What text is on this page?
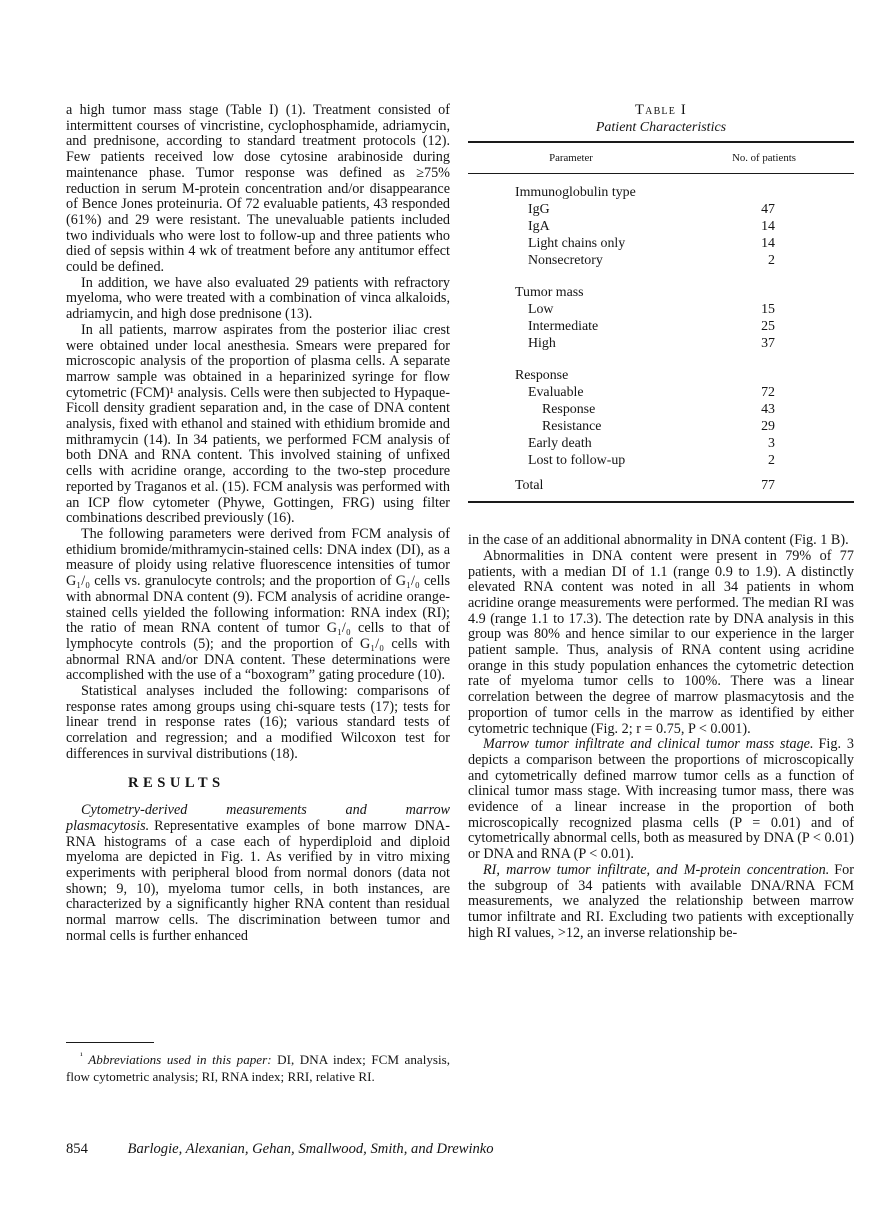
a high tumor mass stage (Table I) (1). Treatment consisted of intermittent courses of vincristine, cyclophosphamide, adriamycin, and prednisone, according to standard treatment protocols (12). Few patients received low dose cytosine arabinoside during maintenance phase. Tumor response was defined as ≥75% reduction in serum M-protein concentration and/or disappearance of Bence Jones proteinuria. Of 72 evaluable patients, 43 responded (61%) and 29 were resistant. The unevaluable patients included two individuals who were lost to follow-up and three patients who died of sepsis within 4 wk of treatment before any antitumor effect could be defined.

In addition, we have also evaluated 29 patients with refractory myeloma, who were treated with a combination of vinca alkaloids, adriamycin, and high dose prednisone (13).

In all patients, marrow aspirates from the posterior iliac crest were obtained under local anesthesia. Smears were prepared for microscopic analysis of the proportion of plasma cells. A separate marrow sample was obtained in a heparinized syringe for flow cytometric (FCM)¹ analysis. Cells were then subjected to Hypaque-Ficoll density gradient separation and, in the case of DNA content analysis, fixed with ethanol and stained with ethidium bromide and mithramycin (14). In 34 patients, we performed FCM analysis of both DNA and RNA content. This involved staining of unfixed cells with acridine orange, according to the two-step procedure reported by Traganos et al. (15). FCM analysis was performed with an ICP flow cytometer (Phywe, Gottingen, FRG) using filter combinations described previously (16).

The following parameters were derived from FCM analysis of ethidium bromide/mithramycin-stained cells: DNA index (DI), as a measure of ploidy using relative fluorescence intensities of tumor G₁/₀ cells vs. granulocyte controls; and the proportion of G₁/₀ cells with abnormal DNA content (9). FCM analysis of acridine orange-stained cells yielded the following information: RNA index (RI); the ratio of mean RNA content of tumor G₁/₀ cells to that of lymphocyte controls (5); and the proportion of G₁/₀ cells with abnormal RNA and/or DNA content. These determinations were accomplished with the use of a “boxogram” gating procedure (10).

Statistical analyses included the following: comparisons of response rates among groups using chi-square tests (17); tests for linear trend in response rates (16); various standard tests of correlation and regression; and a modified Wilcoxon test for differences in survival distributions (18).

RESULTS

Cytometry-derived measurements and marrow plasmacytosis. Representative examples of bone marrow DNA-RNA histograms of a case each of hyperdiploid and diploid myeloma are depicted in Fig. 1. As verified by in vitro mixing experiments with peripheral blood from normal donors (data not shown; 9, 10), myeloma tumor cells, in both instances, are characterized by a significantly higher RNA content than residual normal marrow cells. The discrimination between tumor and normal cells is further enhanced

Table I

Patient Characteristics

Parameter	No. of patients
Immunoglobulin type
IgG	47
IgA	14
Light chains only	14
Nonsecretory	2
Tumor mass
Low	15
Intermediate	25
High	37
Response
Evaluable	72
Response	43
Resistance	29
Early death	3
Lost to follow-up	2
Total	77

in the case of an additional abnormality in DNA content (Fig. 1 B).

Abnormalities in DNA content were present in 79% of 77 patients, with a median DI of 1.1 (range 0.9 to 1.9). A distinctly elevated RNA content was noted in all 34 patients in whom acridine orange measurements were performed. The median RI was 4.9 (range 1.1 to 17.3). The detection rate by DNA analysis in this group was 80% and hence similar to our experience in the larger patient sample. Thus, analysis of RNA content using acridine orange in this study population enhances the cytometric detection rate of myeloma tumor cells to 100%. There was a linear correlation between the degree of marrow plasmacytosis and the proportion of tumor cells in the marrow as identified by either cytometric technique (Fig. 2; r = 0.75, P < 0.001).

Marrow tumor infiltrate and clinical tumor mass stage. Fig. 3 depicts a comparison between the proportions of microscopically and cytometrically defined marrow tumor cells as a function of clinical tumor mass stage. With increasing tumor mass, there was evidence of a linear increase in the proportion of both microscopically recognized plasma cells (P = 0.01) and of cytometrically abnormal cells, both as measured by DNA (P < 0.01) or DNA and RNA (P < 0.01).

RI, marrow tumor infiltrate, and M-protein concentration. For the subgroup of 34 patients with available DNA/RNA FCM measurements, we analyzed the relationship between marrow tumor infiltrate and RI. Excluding two patients with exceptionally high RI values, >12, an inverse relationship be-

$^{^1}$ Abbreviations used in this paper: DI, DNA index; FCM analysis, flow cytometric analysis; RI, RNA index; RRI, relative RI.

854	Barlogie, Alexanian, Gehan, Smallwood, Smith, and Drewinko
